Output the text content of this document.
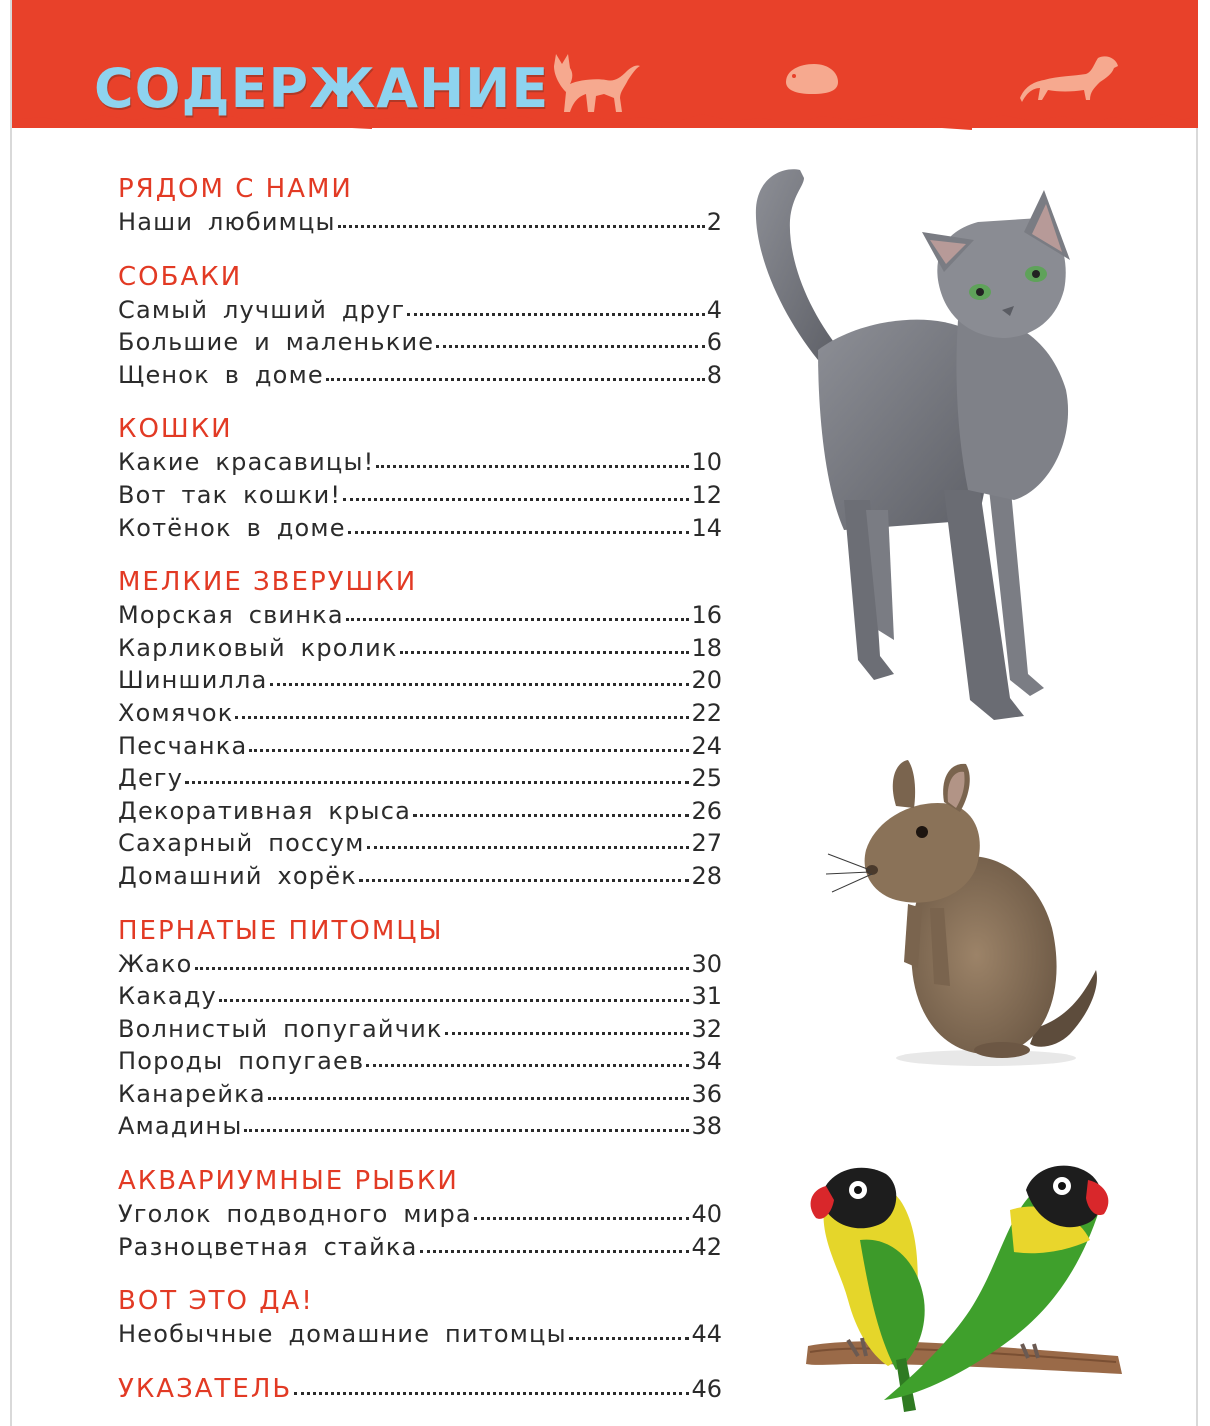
СОДЕРЖАНИЕ
РЯДОМ С НАМИ
Наши любимцы	2
СОБАКИ
Самый лучший друг	4
Большие и маленькие	6
Щенок в доме	8
КОШКИ
Какие красавицы!	10
Вот так кошки!	12
Котёнок в доме	14
МЕЛКИЕ ЗВЕРУШКИ
Морская свинка	16
Карликовый кролик	18
Шиншилла	20
Хомячок	22
Песчанка	24
Дегу	25
Декоративная крыса	26
Сахарный поссум	27
Домашний хорёк	28
ПЕРНАТЫЕ ПИТОМЦЫ
Жако	30
Какаду	31
Волнистый попугайчик	32
Породы попугаев	34
Канарейка	36
Амадины	38
АКВАРИУМНЫЕ РЫБКИ
Уголок подводного мира	40
Разноцветная стайка	42
ВОТ ЭТО ДА!
Необычные домашние питомцы	44
УКАЗАТЕЛЬ	46
